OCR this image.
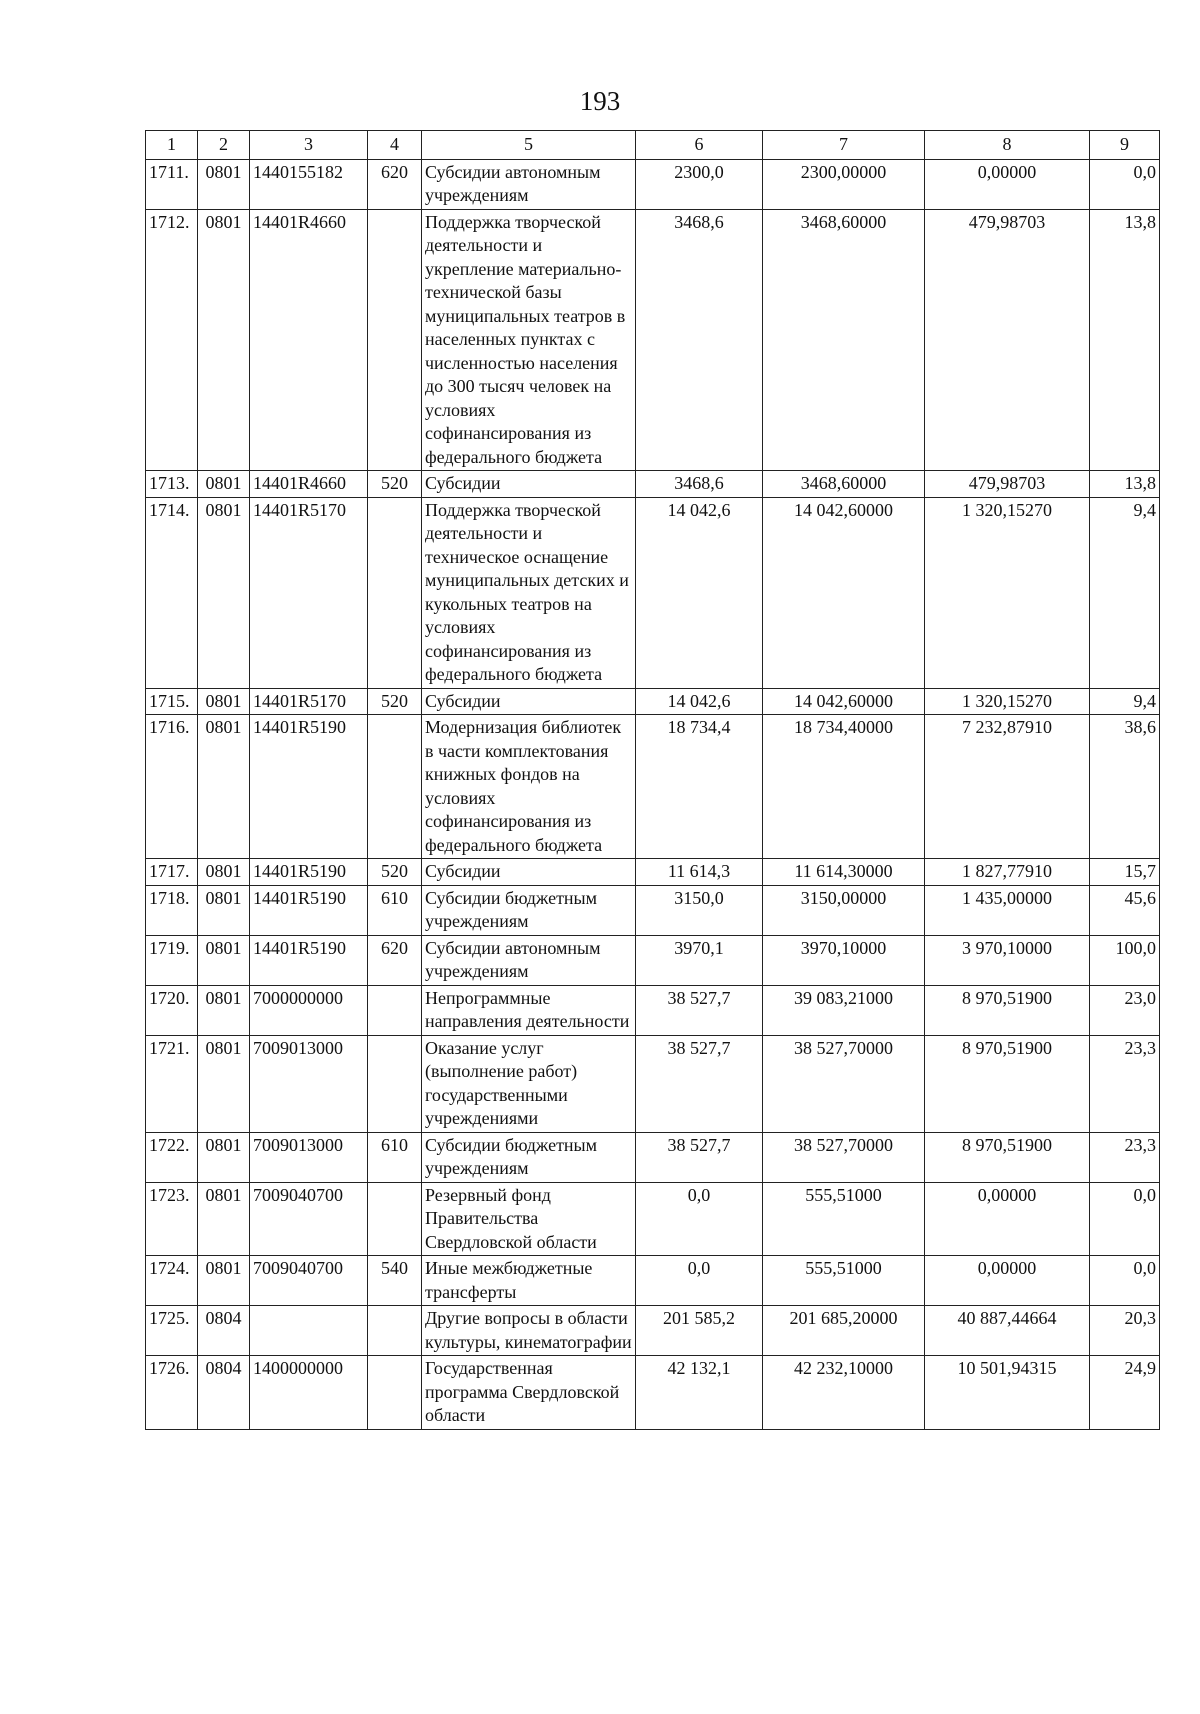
193
1	2	3	4	5	6	7	8	9
1711.	0801	1440155182	620	Субсидии автономным учреждениям	2300,0	2300,00000	0,00000	0,0
1712.	0801	14401R4660		Поддержка творческой деятельности и укрепление материально-технической базы муниципальных театров в населенных пунктах с численностью населения до 300 тысяч человек на условиях софинансирования из федерального бюджета	3468,6	3468,60000	479,98703	13,8
1713.	0801	14401R4660	520	Субсидии	3468,6	3468,60000	479,98703	13,8
1714.	0801	14401R5170		Поддержка творческой деятельности и техническое оснащение муниципальных детских и кукольных театров на условиях софинансирования из федерального бюджета	14 042,6	14 042,60000	1 320,15270	9,4
1715.	0801	14401R5170	520	Субсидии	14 042,6	14 042,60000	1 320,15270	9,4
1716.	0801	14401R5190		Модернизация библиотек в части комплектования книжных фондов на условиях софинансирования из федерального бюджета	18 734,4	18 734,40000	7 232,87910	38,6
1717.	0801	14401R5190	520	Субсидии	11 614,3	11 614,30000	1 827,77910	15,7
1718.	0801	14401R5190	610	Субсидии бюджетным учреждениям	3150,0	3150,00000	1 435,00000	45,6
1719.	0801	14401R5190	620	Субсидии автономным учреждениям	3970,1	3970,10000	3 970,10000	100,0
1720.	0801	7000000000		Непрограммные направления деятельности	38 527,7	39 083,21000	8 970,51900	23,0
1721.	0801	7009013000		Оказание услуг (выполнение работ) государственными учреждениями	38 527,7	38 527,70000	8 970,51900	23,3
1722.	0801	7009013000	610	Субсидии бюджетным учреждениям	38 527,7	38 527,70000	8 970,51900	23,3
1723.	0801	7009040700		Резервный фонд Правительства Свердловской области	0,0	555,51000	0,00000	0,0
1724.	0801	7009040700	540	Иные межбюджетные трансферты	0,0	555,51000	0,00000	0,0
1725.	0804			Другие вопросы в области культуры, кинематографии	201 585,2	201 685,20000	40 887,44664	20,3
1726.	0804	1400000000		Государственная программа Свердловской области	42 132,1	42 232,10000	10 501,94315	24,9
